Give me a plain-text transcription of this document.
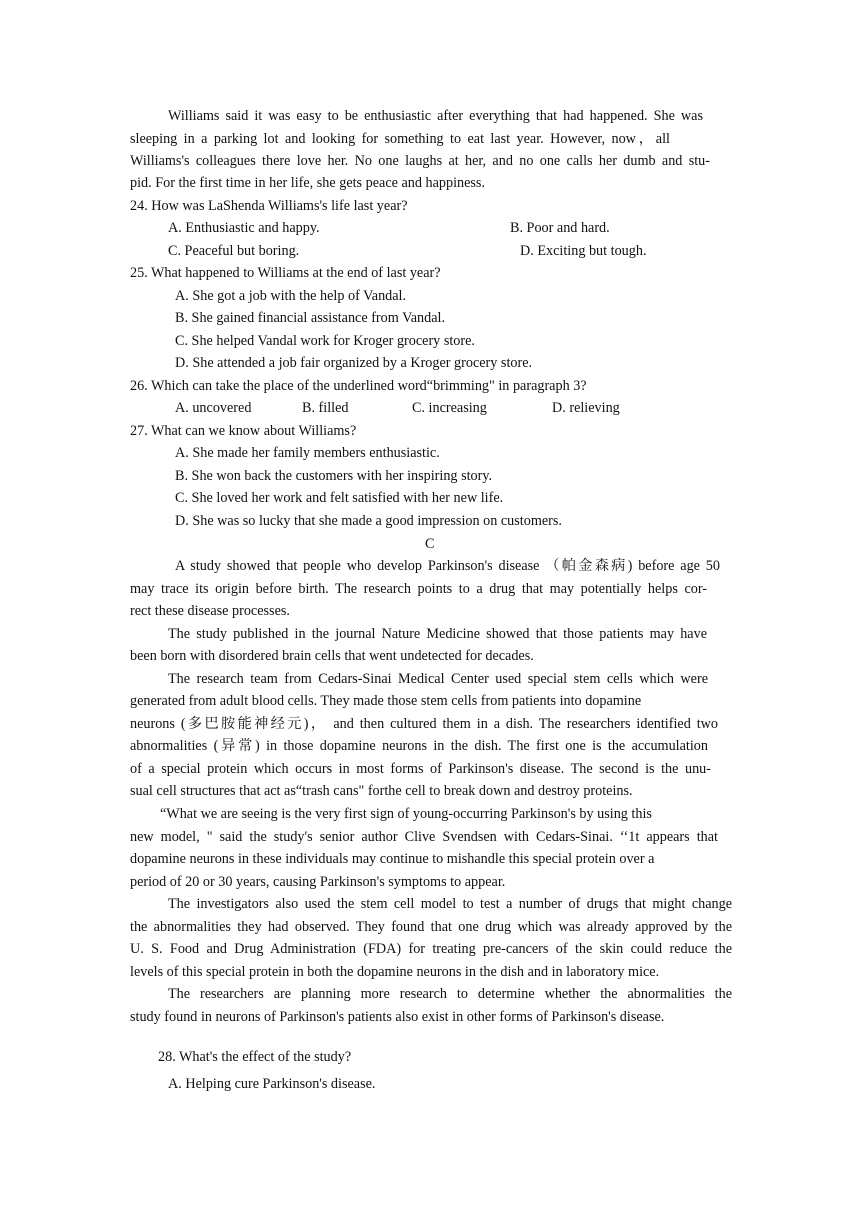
Williams said it was easy to be enthusiastic after everything that had happened. She was
sleeping in a parking lot and looking for something to eat last year. However, now，all
Williams's colleagues there love her. No one laughs at her, and no one calls her dumb and stu-
pid. For the first time in her life, she gets peace and happiness.
24. How was LaShenda Williams's life last year?
A. Enthusiastic and happy.	B. Poor and hard.
C. Peaceful but boring.	D. Exciting but tough.
25. What happened to Williams at the end of last year?
A. She got a job with the help of Vandal.
B. She gained financial assistance from Vandal.
C. She helped Vandal work for Kroger grocery store.
D. She attended a job fair organized by a Kroger grocery store.
26. Which can take the place of the underlined word“brimming" in paragraph 3?
A. uncovered	B. filled	C. increasing	D. relieving
27. What can we know about Williams?
A. She made her family members enthusiastic.
B. She won back the customers with her inspiring story.
C. She loved her work and felt satisfied with her new life.
D. She was so lucky that she made a good impression on customers.
C
A study showed that people who develop Parkinson's disease （帕金森病) before age 50
may trace its origin before birth. The research points to a drug that may potentially helps cor-
rect these disease processes.
The study published in the journal Nature Medicine showed that those patients may have
been born with disordered brain cells that went undetected for decades.
The research team from Cedars-Sinai Medical Center used special stem cells which were
generated from adult blood cells. They made those stem cells from patients into dopamine
neurons (多巴胺能神经元)， and then cultured them in a dish. The researchers identified two
abnormalities (异常) in those dopamine neurons in the dish. The first one is the accumulation
of a special protein which occurs in most forms of Parkinson's disease. The second is the unu-
sual cell structures that act as“trash cans" forthe cell to break down and destroy proteins.
“What we are seeing is the very first sign of young-occurring Parkinson's by using this
new model, " said the study's senior author Clive Svendsen with Cedars-Sinai. ‘‘1t appears that
dopamine neurons in these individuals may continue to mishandle this special protein over a
period of 20 or 30 years, causing Parkinson's symptoms to appear.
The investigators also used the stem cell model to test a number of drugs that might change
the abnormalities they had observed. They found that one drug which was already approved by the
U. S. Food and Drug Administration (FDA) for treating pre-cancers of the skin could reduce the
levels of this special protein in both the dopamine neurons in the dish and in laboratory mice.
The researchers are planning more research to determine whether the abnormalities the
study found in neurons of Parkinson's patients also exist in other forms of Parkinson's disease.
28. What's the effect of the study?
A. Helping cure Parkinson's disease.
